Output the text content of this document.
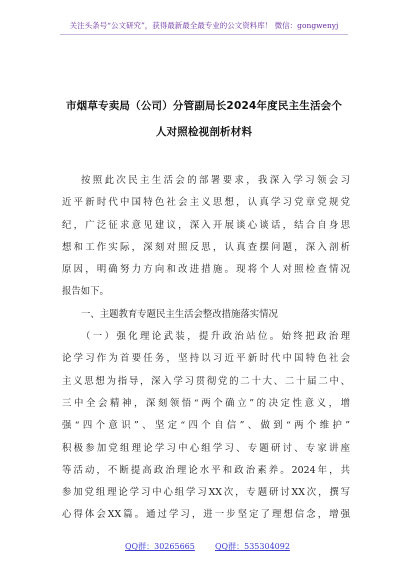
关注头条号“公文研究”，获得最新最全最专业的公文资料库！ 微信：gongwenyj
市烟草专卖局（公司）分管副局长2024年度民主生活会个
人对照检视剖析材料
按照此次民主生活会的部署要求，我深入学习领会习
近平新时代中国特色社会主义思想，认真学习党章党规党
纪，广泛征求意见建议，深入开展谈心谈话，结合自身思
想和工作实际，深刻对照反思，认真查摆问题，深入剖析
原因，明确努力方向和改进措施。现将个人对照检查情况
报告如下。
一、主题教育专题民主生活会整改措施落实情况
（一）强化理论武装，提升政治站位。始终把政治理
论学习作为首要任务，坚持以习近平新时代中国特色社会
主义思想为指导，深入学习贯彻党的二十大、二十届二中、
三中全会精神，深刻领悟“两个确立”的决定性意义，增
强“四个意识”、坚定“四个自信”、做到“两个维护”
积极参加党组理论学习中心组学习、专题研讨、专家讲座
等活动，不断提高政治理论水平和政治素养。2024年，共
参加党组理论学习中心组学习XX次，专题研讨XX次，撰写
心得体会XX篇。通过学习，进一步坚定了理想信念，增强
QQ群：30265665	QQ群：535304092
